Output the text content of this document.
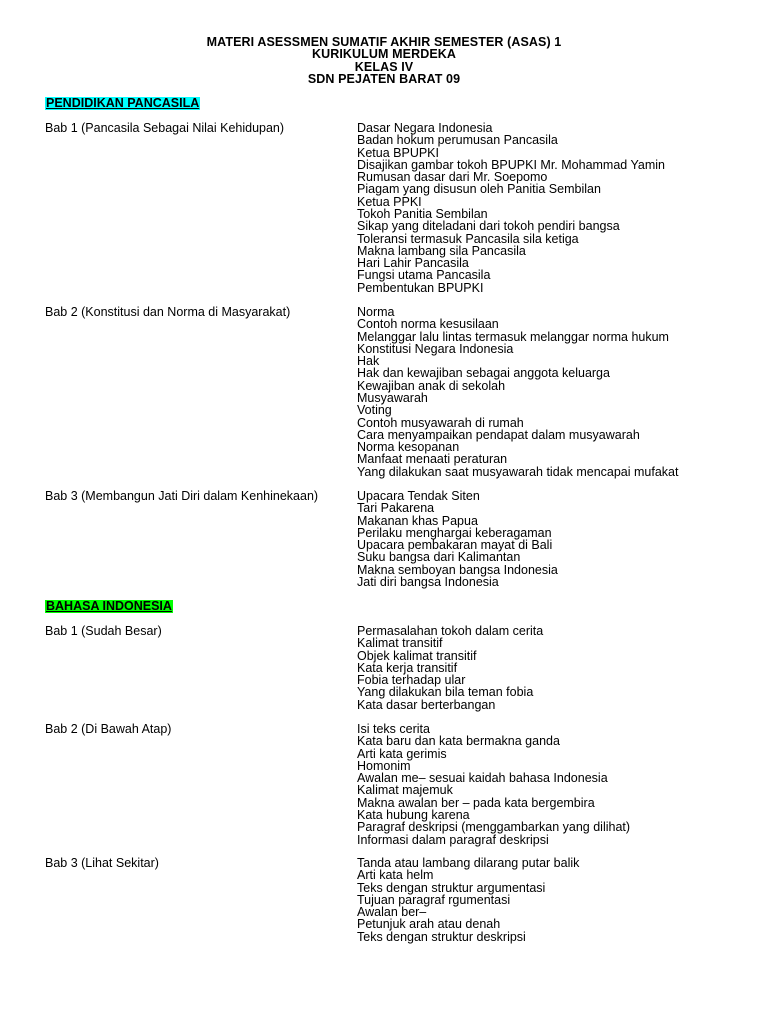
MATERI ASESSMEN SUMATIF AKHIR SEMESTER (ASAS) 1
KURIKULUM MERDEKA
KELAS IV
SDN PEJATEN BARAT 09
PENDIDIKAN PANCASILA
Bab 1 (Pancasila Sebagai Nilai Kehidupan)	Dasar Negara Indonesia
Badan hokum perumusan Pancasila
Ketua BPUPKI
Disajikan gambar tokoh BPUPKI Mr. Mohammad Yamin
Rumusan dasar dari Mr. Soepomo
Piagam yang disusun oleh Panitia Sembilan
Ketua PPKI
Tokoh Panitia Sembilan
Sikap yang diteladani dari tokoh pendiri bangsa
Toleransi termasuk Pancasila sila ketiga
Makna lambang sila Pancasila
Hari Lahir Pancasila
Fungsi utama Pancasila
Pembentukan BPUPKI
Bab 2 (Konstitusi dan Norma di Masyarakat)	Norma
Contoh norma kesusilaan
Melanggar lalu lintas termasuk melanggar norma hukum
Konstitusi Negara Indonesia
Hak
Hak dan kewajiban sebagai anggota keluarga
Kewajiban anak di sekolah
Musyawarah
Voting
Contoh musyawarah di rumah
Cara menyampaikan pendapat dalam musyawarah
Norma kesopanan
Manfaat menaati peraturan
Yang dilakukan saat musyawarah tidak mencapai mufakat
Bab 3 (Membangun Jati Diri dalam Kenhinekaan)	Upacara Tendak Siten
Tari Pakarena
Makanan khas Papua
Perilaku menghargai keberagaman
Upacara pembakaran mayat di Bali
Suku bangsa dari Kalimantan
Makna semboyan bangsa Indonesia
Jati diri bangsa Indonesia
BAHASA INDONESIA
Bab 1 (Sudah Besar)	Permasalahan tokoh dalam cerita
Kalimat transitif
Objek kalimat transitif
Kata kerja transitif
Fobia terhadap ular
Yang dilakukan bila teman fobia
Kata dasar berterbangan
Bab 2 (Di Bawah Atap)	Isi teks cerita
Kata baru dan kata bermakna ganda
Arti kata gerimis
Homonim
Awalan me– sesuai kaidah bahasa Indonesia
Kalimat majemuk
Makna awalan ber – pada kata bergembira
Kata hubung karena
Paragraf deskripsi (menggambarkan yang dilihat)
Informasi dalam paragraf deskripsi
Bab 3 (Lihat Sekitar)	Tanda atau lambang dilarang putar balik
Arti kata helm
Teks dengan struktur argumentasi
Tujuan paragraf rgumentasi
Awalan ber–
Petunjuk arah atau denah
Teks dengan struktur deskripsi
